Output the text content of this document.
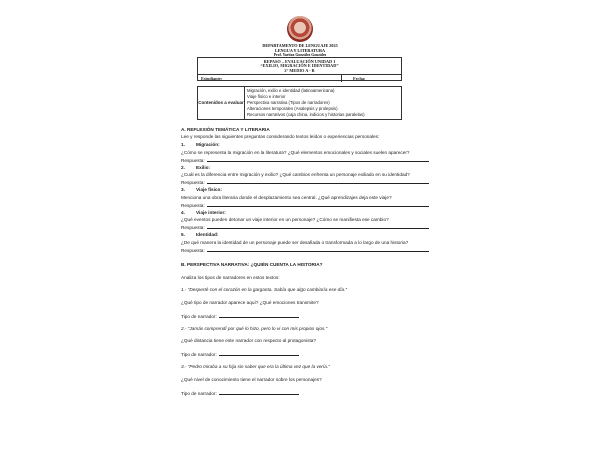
DEPARTAMENTO DE LENGUAJE 2025
LENGUA Y LITERATURA
Prof. Yaritza González González
REPASO – EVALUACIÓN UNIDAD 1
“EXILIO, MIGRACIÓN E IDENTIDAD”
2° MEDIO A - B
Estudiante:	Fecha:
Contenidos a evaluar
Migración, exilio e identidad (latinoamericana)
Viaje físico e interior
Perspectiva narrativa (Tipos de narradores)
Alteraciones temporales (Analepsis y prolepsis)
Recursos narrativos (caja china, indicios y historias paralelas)
A. REFLEXIÓN TEMÁTICA Y LITERARIA
Lee y responde las siguientes preguntas considerando textos leídos o experiencias personales:
1. Migración:
¿Cómo se representa la migración en la literatura? ¿Qué elementos emocionales y sociales suelen aparecer?
Respuesta:
2. Exilio:
¿Cuál es la diferencia entre migración y exilio? ¿Qué cambios enfrenta un personaje exiliado en su identidad?
Respuesta:
3. Viaje físico:
Menciona una obra literaria donde el desplazamiento sea central. ¿Qué aprendizajes deja este viaje?
Respuesta:
4. Viaje interior:
¿Qué eventos pueden detonar un viaje interior en un personaje? ¿Cómo se manifiesta ese cambio?
Respuesta:
5. Identidad:
¿De qué manera la identidad de un personaje puede ser desafiada o transformada a lo largo de una historia?
Respuesta:
B. PERSPECTIVA NARRATIVA: ¿QUIÉN CUENTA LA HISTORIA?
Analiza los tipos de narradores en estos textos:
1.- “Desperté con el corazón en la garganta. Sabía que algo cambiaría ese día.”
¿Qué tipo de narrador aparece aquí? ¿Qué emociones transmite?
Tipo de narrador:
2.- “Jamás comprendí por qué lo hizo, pero lo vi con mis propios ojos.”
¿Qué distancia tiene este narrador con respecto al protagonista?
Tipo de narrador:
3.- “Pedro miraba a su hija sin saber que era la última vez que la vería.”
¿Qué nivel de conocimiento tiene el narrador sobre los personajes?
Tipo de narrador:
